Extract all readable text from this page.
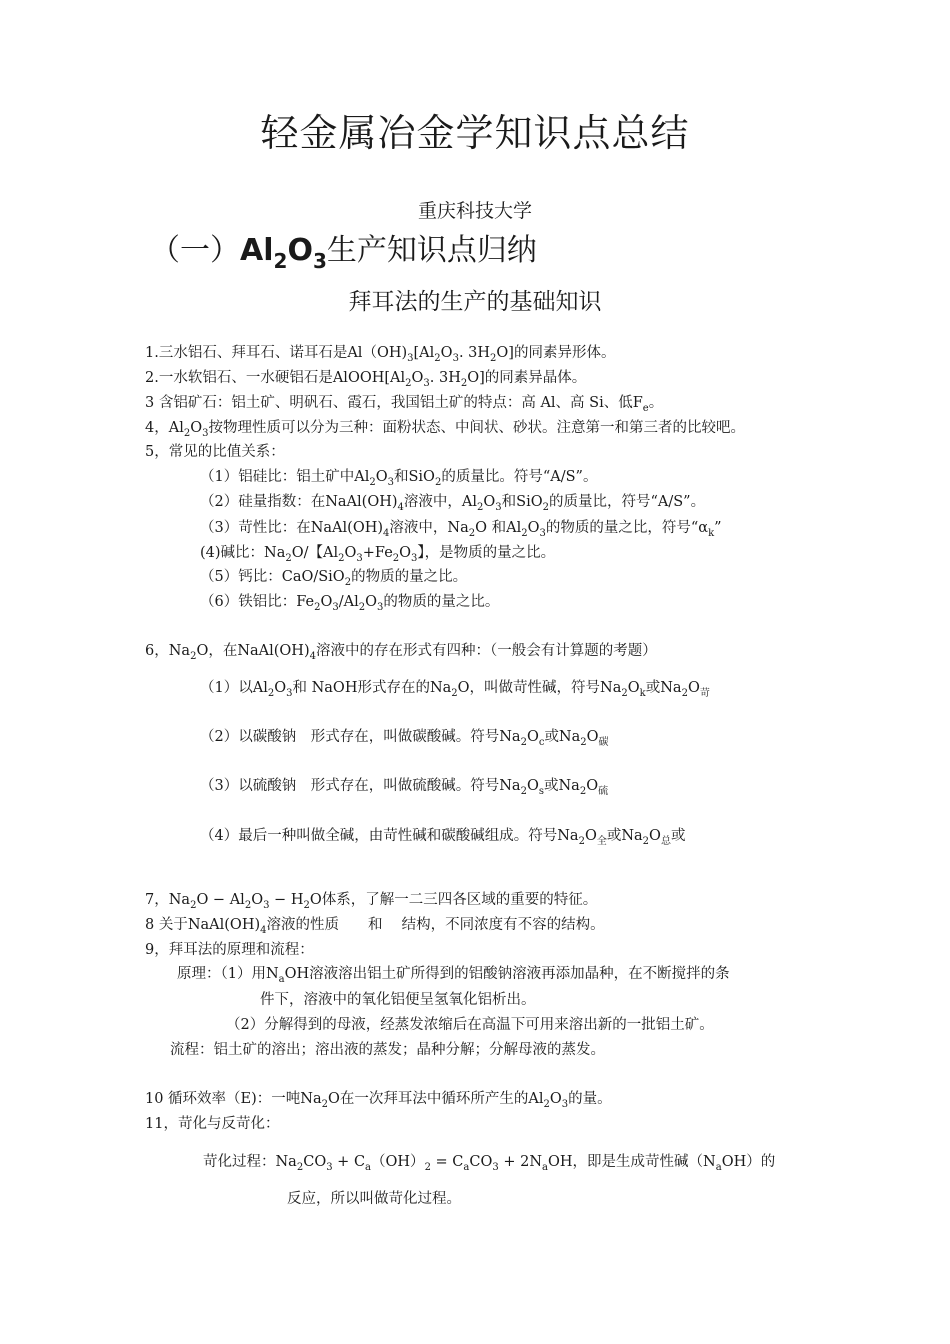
轻金属冶金学知识点总结
重庆科技大学
（一）$Al_2O_3$生产知识点归纳
拜耳法的生产的基础知识
1.三水铝石、拜耳石、诺耳石是$Al(OH)_3[Al_2O_3$. $3H_2O$]的同素异形体。
2.一水软铝石、一水硬铝石是$AlOOH[Al_2O_3$. $3H_2O$]的同素异晶体。
3 含铝矿石：铝土矿、明矾石、霞石，我国铝土矿的特点：高 Al、高 Si、低$F_e$。
4，$Al_2O_3$按物理性质可以分为三种：面粉状态、中间状、砂状。注意第一和第三者的比较吧。
5，常见的比值关系：
（1）铝硅比：铝土矿中$Al_2O_3$和SiO$_2$的质量比。符号“A/S”。
（2）硅量指数：在$NaAl(OH)_4$溶液中，$Al_2O_3$和SiO$_2$的质量比，符号“A/S”。
（3）苛性比：在$NaAl(OH)_4$溶液中，$Na_2O$ 和$Al_2O_3$的物质的量之比，符号“$\alpha_k$”
(4)碱比：$Na_2O/$【$Al_2O_3+Fe_2O_3$】，是物质的量之比。
（5）钙比：CaO/SiO$_2$的物质的量之比。
（6）铁铝比：$Fe_2O_3/Al_2O_3$的物质的量之比。
6，$Na_2O$，在$NaAl(OH)_4$溶液中的存在形式有四种：（一般会有计算题的考题）
（1）以$Al_2O_3$和 NaOH形式存在的$Na_2O$，叫做苛性碱，符号$Na_2O_k$或$Na_2O_苛$
（2）以碳酸钠　形式存在，叫做碳酸碱。符号$Na_2O_c$或$Na_2O_碳$
（3）以硫酸钠　形式存在，叫做硫酸碱。符号$Na_2O_s$或$Na_2O_硫$
（4）最后一种叫做全碱，由苛性碱和碳酸碱组成。符号$Na_2O_全$或$Na_2O_总$或
7，$Na_2O - Al_2O_3 - H_2O$体系，了解一二三四各区域的重要的特征。
8 关于$NaAl(OH)_4$溶液的性质　　和　 结构，不同浓度有不容的结构。
9，拜耳法的原理和流程：
原理：（1）用$N_aOH$溶液溶出铝土矿所得到的铝酸钠溶液再添加晶种，在不断搅拌的条
件下，溶液中的氧化铝便呈氢氧化铝析出。
（2）分解得到的母液，经蒸发浓缩后在高温下可用来溶出新的一批铝土矿。
流程：铝土矿的溶出；溶出液的蒸发；晶种分解；分解母液的蒸发。
10 循环效率（E)：一吨$Na_2O$在一次拜耳法中循环所产生的$Al_2O_3$的量。
11，苛化与反苛化：
苛化过程：$Na_2CO_3 + C_a(OH)_2 = C_aCO_3 + 2N_aOH$，即是生成苛性碱$(N_aOH)$的
反应，所以叫做苛化过程。
